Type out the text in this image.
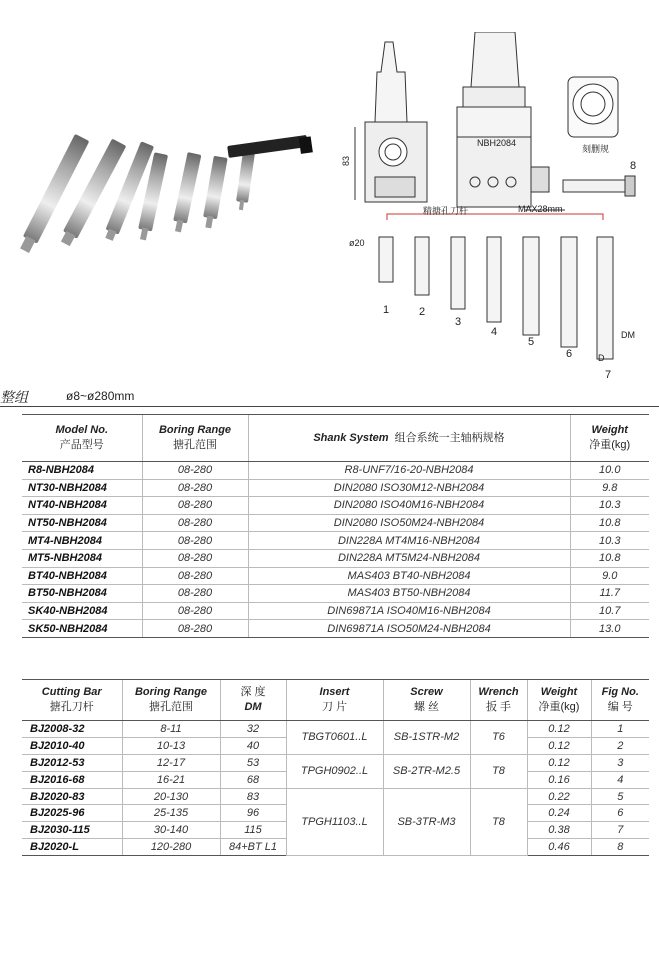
83
NBH2084
刻删规
MAX28mm
精搪孔刀杆
ø20
DM
D
1	2
3
4
5
6
7
8
整组	ø8~ø280mm
Model No.
产品型号	Boring Range
搪孔范围	Shank System 组合系统一主轴柄规格	Weight
净重(kg)
R8-NBH2084	08-280	R8-UNF7/16-20-NBH2084	10.0
NT30-NBH2084	08-280	DIN2080 ISO30M12-NBH2084	9.8
NT40-NBH2084	08-280	DIN2080 ISO40M16-NBH2084	10.3
NT50-NBH2084	08-280	DIN2080 ISO50M24-NBH2084	10.8
MT4-NBH2084	08-280	DIN228A MT4M16-NBH2084	10.3
MT5-NBH2084	08-280	DIN228A MT5M24-NBH2084	10.8
BT40-NBH2084	08-280	MAS403 BT40-NBH2084	9.0
BT50-NBH2084	08-280	MAS403 BT50-NBH2084	11.7
SK40-NBH2084	08-280	DIN69871A ISO40M16-NBH2084	10.7
SK50-NBH2084	08-280	DIN69871A ISO50M24-NBH2084	13.0
Cutting Bar
搪孔刀杆	Boring Range
搪孔范围	深 度
DM	Insert
刀 片	Screw
螺 丝	Wrench
扳 手	Weight
净重(kg)	Fig No.
编 号
BJ2008-32	8-11	32	TBGT0601..L	SB-1STR-M2	T6	0.12	1
BJ2010-40	10-13	40				0.12	2
BJ2012-53	12-17	53	TPGH0902..L	SB-2TR-M2.5	T8	0.12	3
BJ2016-68	16-21	68				0.16	4
BJ2020-83	20-130	83	TPGH1103..L	SB-3TR-M3	T8	0.22	5
BJ2025-96	25-135	96				0.24	6
BJ2030-115	30-140	115				0.38	7
BJ2020-L	120-280	84+BT L1				0.46	8
